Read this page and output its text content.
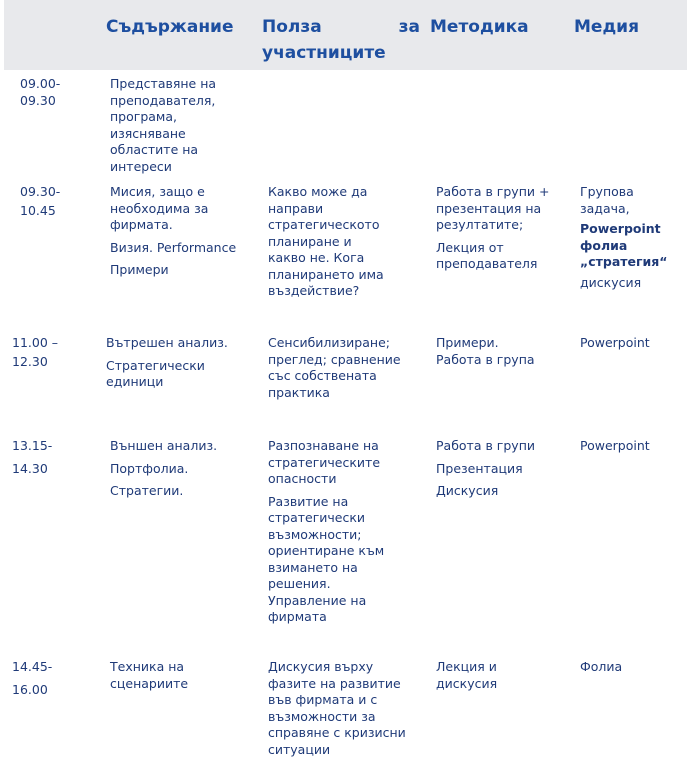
Съдържание Полза за
участниците
Методика	Медия
09.00-
09.30

Представяне на преподавателя, програма, изясняване областите на интереси

09.30-
10.45

Мисия, защо е необходима за фирмата.

Визия. Performance

Примери

Какво може да направи стратегическото планиране и какво не. Кога планирането има въздействие?

Работа в групи + презентация на резултатите;

Лекция от преподавателя

Групова задача,

Powerpoint фолиа „стратегия“

дискусия

11.00 –
12.30

Вътрешен анализ.

Стратегически единици

Сенсибилизиране; преглед; сравнение със собствената практика

Примери.
Работа в група

Powerpoint

13.15-
14.30

Външен анализ.

Портфолиа.

Стратегии.

Разпознаване на стратегическите опасности

Развитие на стратегически възможности; ориентиране към взимането на решения. Управление на фирмата

Работа в групи

Презентация

Дискусия

Powerpoint

14.45-
16.00

Техника на сценариите

Дискусия върху фазите на развитие във фирмата и с възможности за справяне с кризисни ситуации

Лекция и дискусия

Фолиа
